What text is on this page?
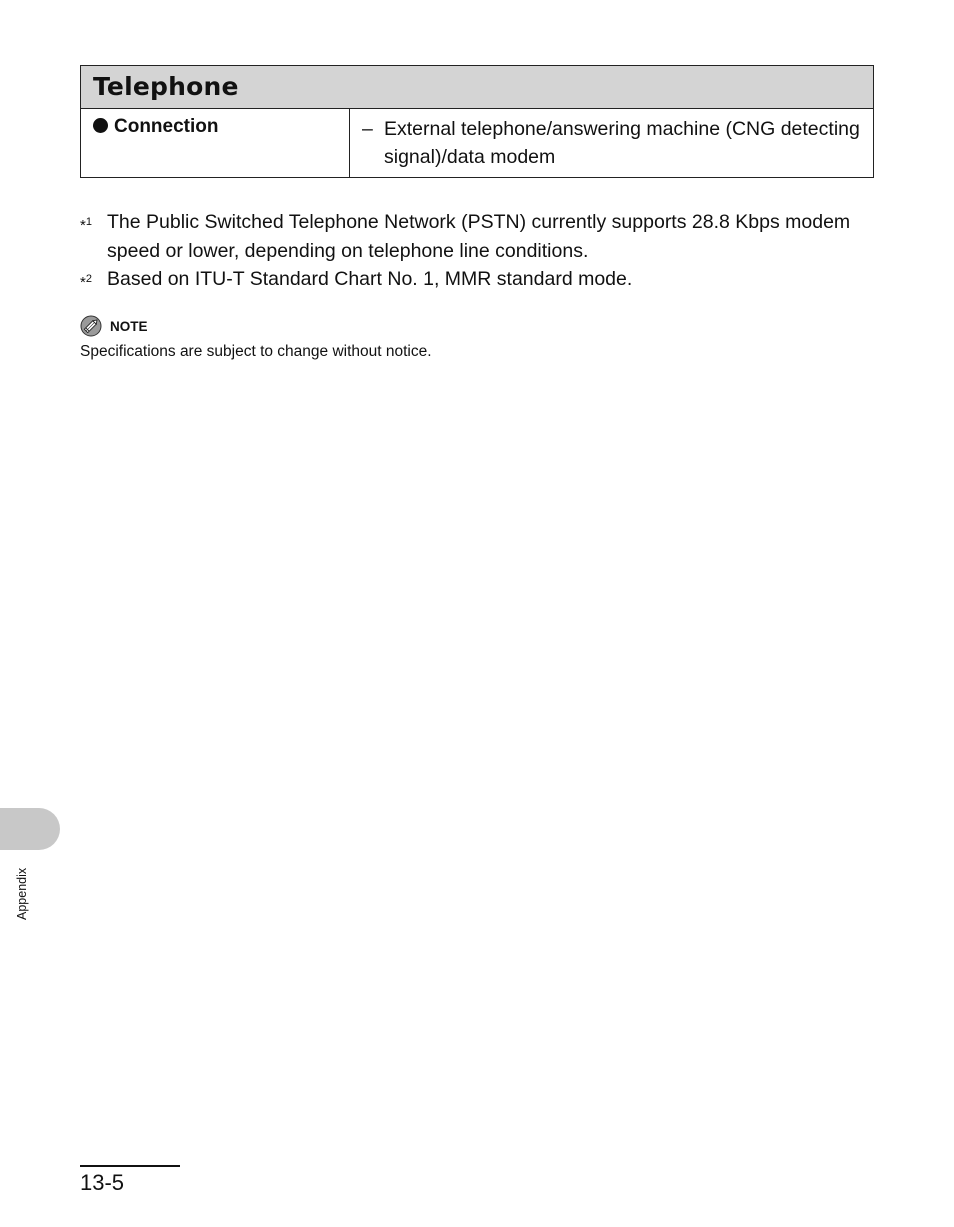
Telephone
Connection	– External telephone/answering machine (CNG detecting signal)/data modem
*$^1$ The Public Switched Telephone Network (PSTN) currently supports 28.8 Kbps modem speed or lower, depending on telephone line conditions.
*$^2$ Based on ITU-T Standard Chart No. 1, MMR standard mode.
NOTE
Specifications are subject to change without notice.
Appendix
13-5
